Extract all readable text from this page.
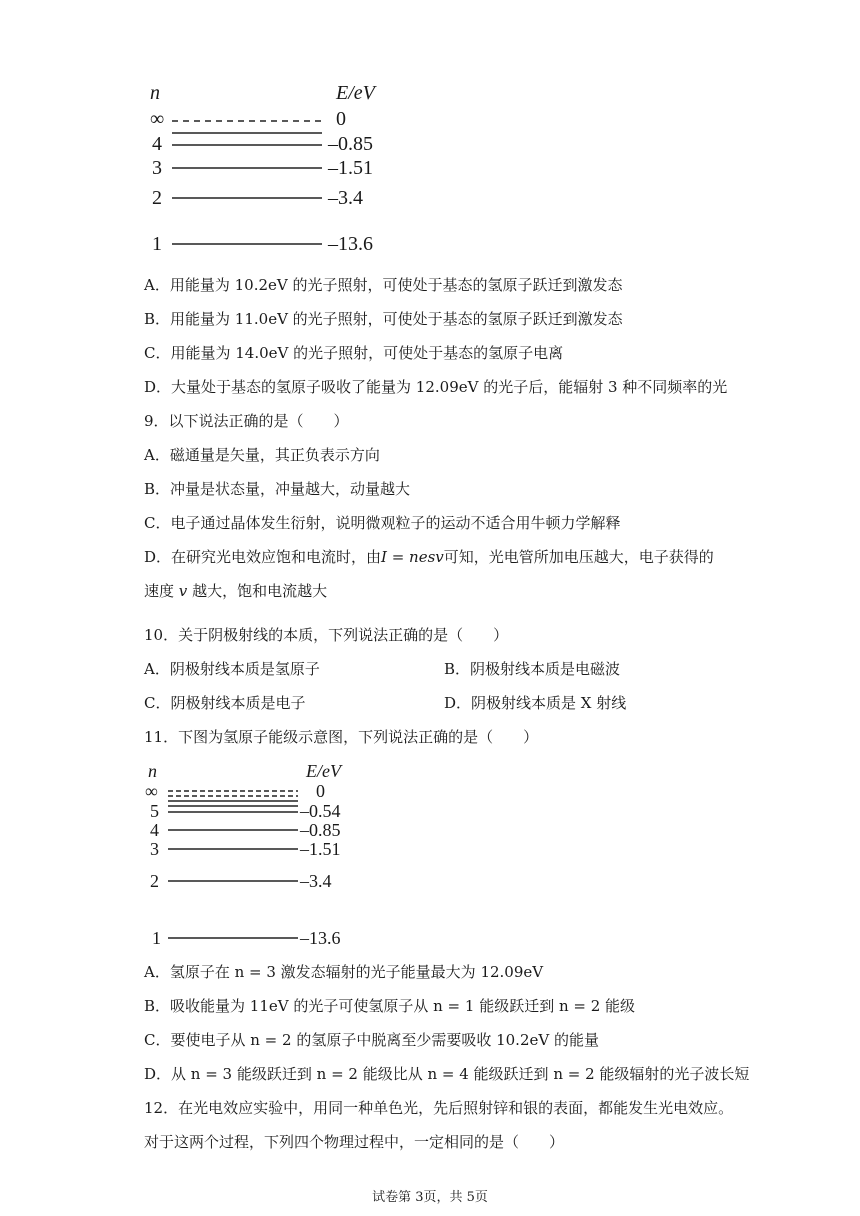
n	E/eV
∞	0
4	–0.85
3	–1.51
2	–3.4
1	–13.6
A．用能量为 10.2eV 的光子照射，可使处于基态的氢原子跃迁到激发态
B．用能量为 11.0eV 的光子照射，可使处于基态的氢原子跃迁到激发态
C．用能量为 14.0eV 的光子照射，可使处于基态的氢原子电离
D．大量处于基态的氢原子吸收了能量为 12.09eV 的光子后，能辐射 3 种不同频率的光
9．以下说法正确的是（　　）
A．磁通量是矢量，其正负表示方向
B．冲量是状态量，冲量越大，动量越大
C．电子通过晶体发生衍射，说明微观粒子的运动不适合用牛顿力学解释
D．在研究光电效应饱和电流时，由I = nesv可知，光电管所加电压越大，电子获得的
速度 v 越大，饱和电流越大
10．关于阴极射线的本质，下列说法正确的是（　　）
A．阴极射线本质是氢原子	B．阴极射线本质是电磁波
C．阴极射线本质是电子	D．阴极射线本质是 X 射线
11．下图为氢原子能级示意图，下列说法正确的是（　　）
n	E/eV
∞	0
5	–0.54
4	–0.85
3	–1.51
2	–3.4
1	–13.6
A．氢原子在 n = 3 激发态辐射的光子能量最大为 12.09eV
B．吸收能量为 11eV 的光子可使氢原子从 n = 1 能级跃迁到 n = 2 能级
C．要使电子从 n = 2 的氢原子中脱离至少需要吸收 10.2eV 的能量
D．从 n = 3 能级跃迁到 n = 2 能级比从 n = 4 能级跃迁到 n = 2 能级辐射的光子波长短
12．在光电效应实验中，用同一种单色光，先后照射锌和银的表面，都能发生光电效应。
对于这两个过程，下列四个物理过程中，一定相同的是（　　）
试卷第 3页，共 5页
